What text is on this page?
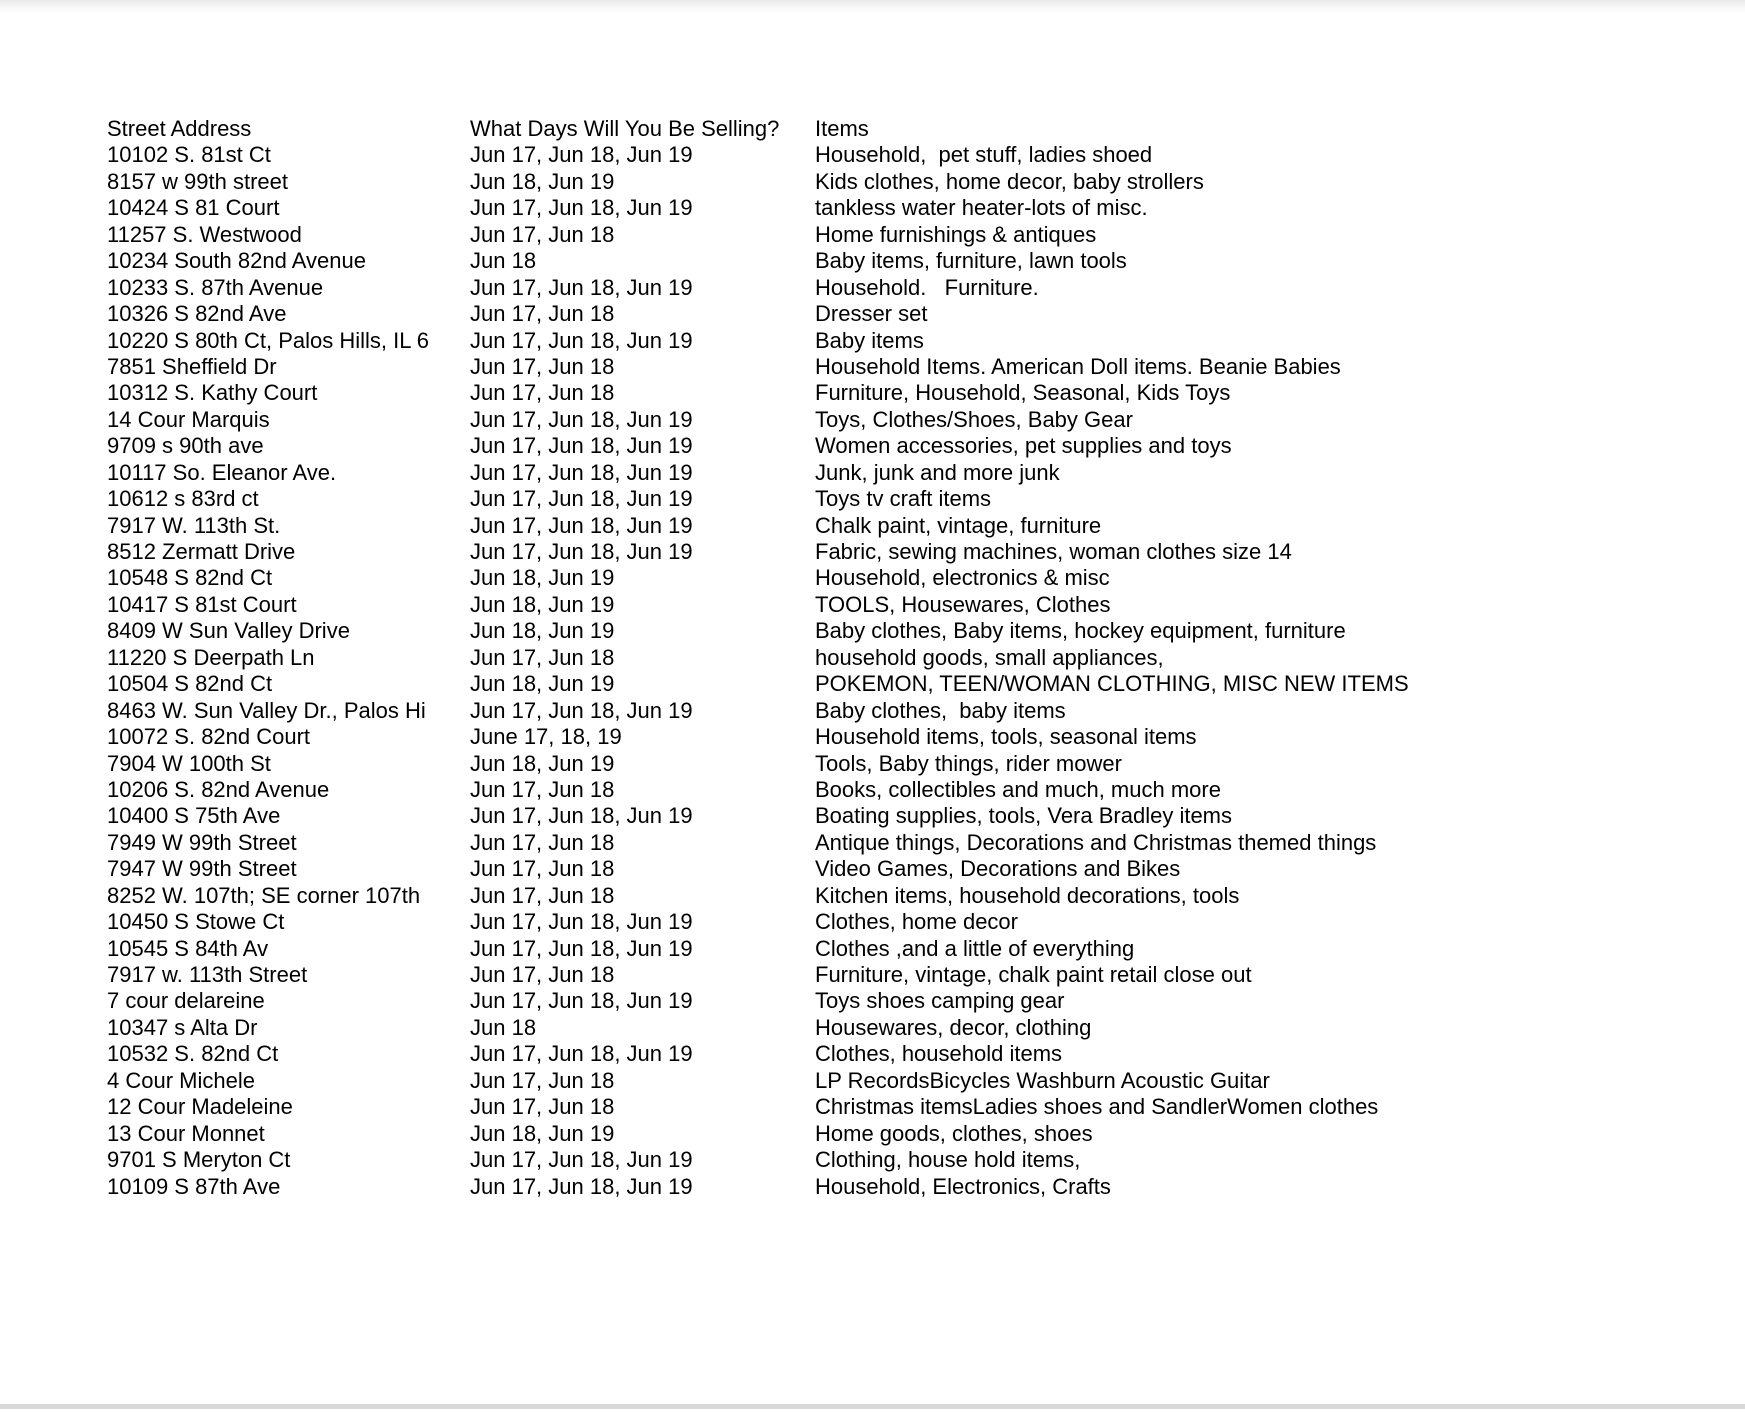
Street Address	What Days Will You Be Selling?	Items
10102 S. 81st Ct	Jun 17, Jun 18, Jun 19	Household,  pet stuff, ladies shoed
8157 w 99th street	Jun 18, Jun 19	Kids clothes, home decor, baby strollers
10424 S 81 Court	Jun 17, Jun 18, Jun 19	tankless water heater-lots of misc.
11257 S. Westwood	Jun 17, Jun 18	Home furnishings & antiques
10234 South 82nd Avenue	Jun 18	Baby items, furniture, lawn tools
10233 S. 87th Avenue	Jun 17, Jun 18, Jun 19	Household.   Furniture.
10326 S 82nd Ave	Jun 17, Jun 18	Dresser set
10220 S 80th Ct, Palos Hills, IL 6	Jun 17, Jun 18, Jun 19	Baby items
7851 Sheffield Dr	Jun 17, Jun 18	Household Items. American Doll items. Beanie Babies
10312 S. Kathy Court	Jun 17, Jun 18	Furniture, Household, Seasonal, Kids Toys
14 Cour Marquis	Jun 17, Jun 18, Jun 19	Toys, Clothes/Shoes, Baby Gear
9709 s 90th ave	Jun 17, Jun 18, Jun 19	Women accessories, pet supplies and toys
10117 So. Eleanor Ave.	Jun 17, Jun 18, Jun 19	Junk, junk and more junk
10612 s 83rd ct	Jun 17, Jun 18, Jun 19	Toys tv craft items
7917 W. 113th St.	Jun 17, Jun 18, Jun 19	Chalk paint, vintage, furniture
8512 Zermatt Drive	Jun 17, Jun 18, Jun 19	Fabric, sewing machines, woman clothes size 14
10548 S 82nd Ct	Jun 18, Jun 19	Household, electronics & misc
10417 S 81st Court	Jun 18, Jun 19	TOOLS, Housewares, Clothes
8409 W Sun Valley Drive	Jun 18, Jun 19	Baby clothes, Baby items, hockey equipment, furniture
11220 S Deerpath Ln	Jun 17, Jun 18	household goods, small appliances,
10504 S 82nd Ct	Jun 18, Jun 19	POKEMON, TEEN/WOMAN CLOTHING, MISC NEW ITEMS
8463 W. Sun Valley Dr., Palos Hi	Jun 17, Jun 18, Jun 19	Baby clothes,  baby items
10072 S. 82nd Court	June 17, 18, 19	Household items, tools, seasonal items
7904 W 100th St	Jun 18, Jun 19	Tools, Baby things, rider mower
10206 S. 82nd Avenue	Jun 17, Jun 18	Books, collectibles and much, much more
10400 S 75th Ave	Jun 17, Jun 18, Jun 19	Boating supplies, tools, Vera Bradley items
7949 W 99th Street	Jun 17, Jun 18	Antique things, Decorations and Christmas themed things
7947 W 99th Street	Jun 17, Jun 18	Video Games, Decorations and Bikes
8252 W. 107th; SE corner 107th	Jun 17, Jun 18	Kitchen items, household decorations, tools
10450 S Stowe Ct	Jun 17, Jun 18, Jun 19	Clothes, home decor
10545 S 84th Av	Jun 17, Jun 18, Jun 19	Clothes ,and a little of everything
7917 w. 113th Street	Jun 17, Jun 18	Furniture, vintage, chalk paint retail close out
7 cour delareine	Jun 17, Jun 18, Jun 19	Toys shoes camping gear
10347 s Alta Dr	Jun 18	Housewares, decor, clothing
10532 S. 82nd Ct	Jun 17, Jun 18, Jun 19	Clothes, household items
4 Cour Michele	Jun 17, Jun 18	LP RecordsBicycles Washburn Acoustic Guitar
12 Cour Madeleine	Jun 17, Jun 18	Christmas itemsLadies shoes and SandlerWomen clothes
13 Cour Monnet	Jun 18, Jun 19	Home goods, clothes, shoes
9701 S Meryton Ct	Jun 17, Jun 18, Jun 19	Clothing, house hold items,
10109 S 87th Ave	Jun 17, Jun 18, Jun 19	Household, Electronics, Crafts
